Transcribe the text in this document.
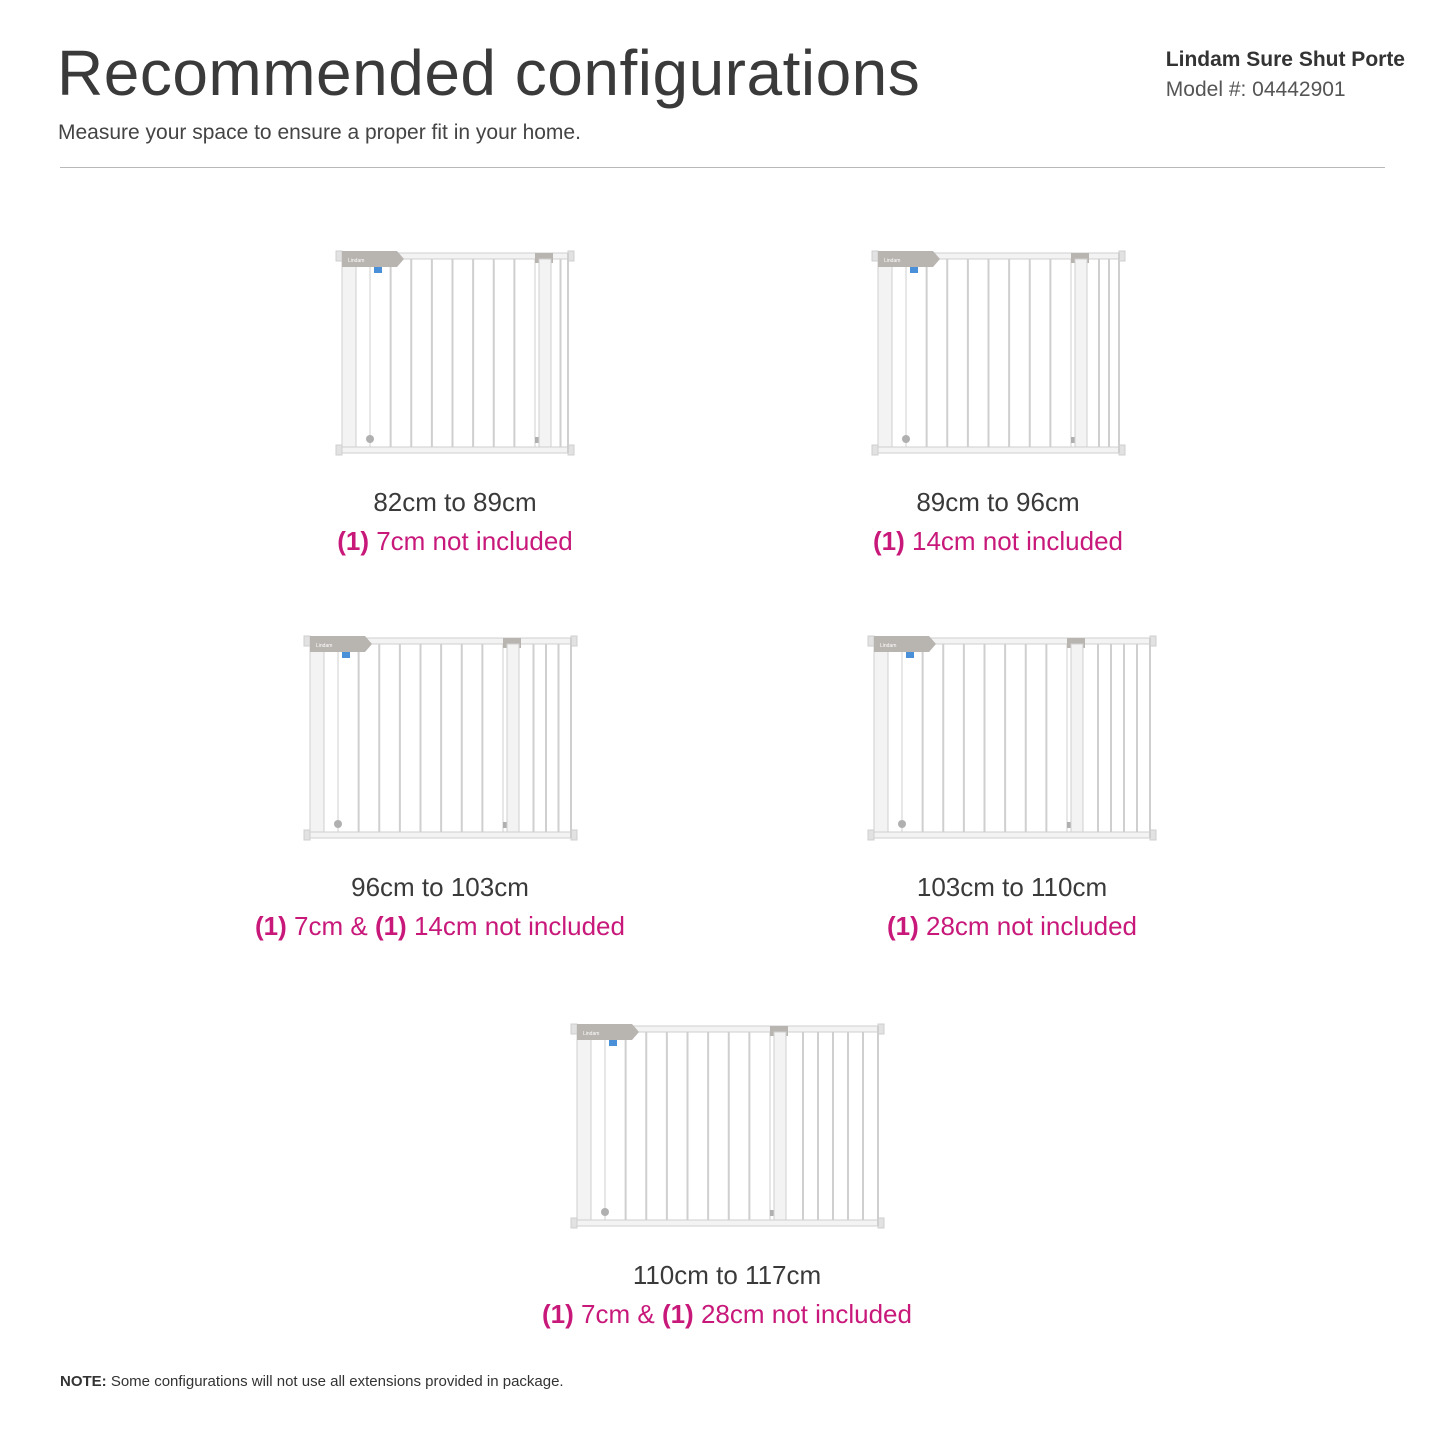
Recommended configurations
Measure your space to ensure a proper fit in your home.
Lindam Sure Shut Porte
Model #: 04442901
Lindam
82cm to 89cm
(1) 7cm not included
Lindam
89cm to 96cm
(1) 14cm not included
Lindam
96cm to 103cm
(1) 7cm & (1) 14cm not included
Lindam
103cm to 110cm
(1) 28cm not included
Lindam
110cm to 117cm
(1) 7cm & (1) 28cm not included
NOTE: Some configurations will not use all extensions provided in package.
